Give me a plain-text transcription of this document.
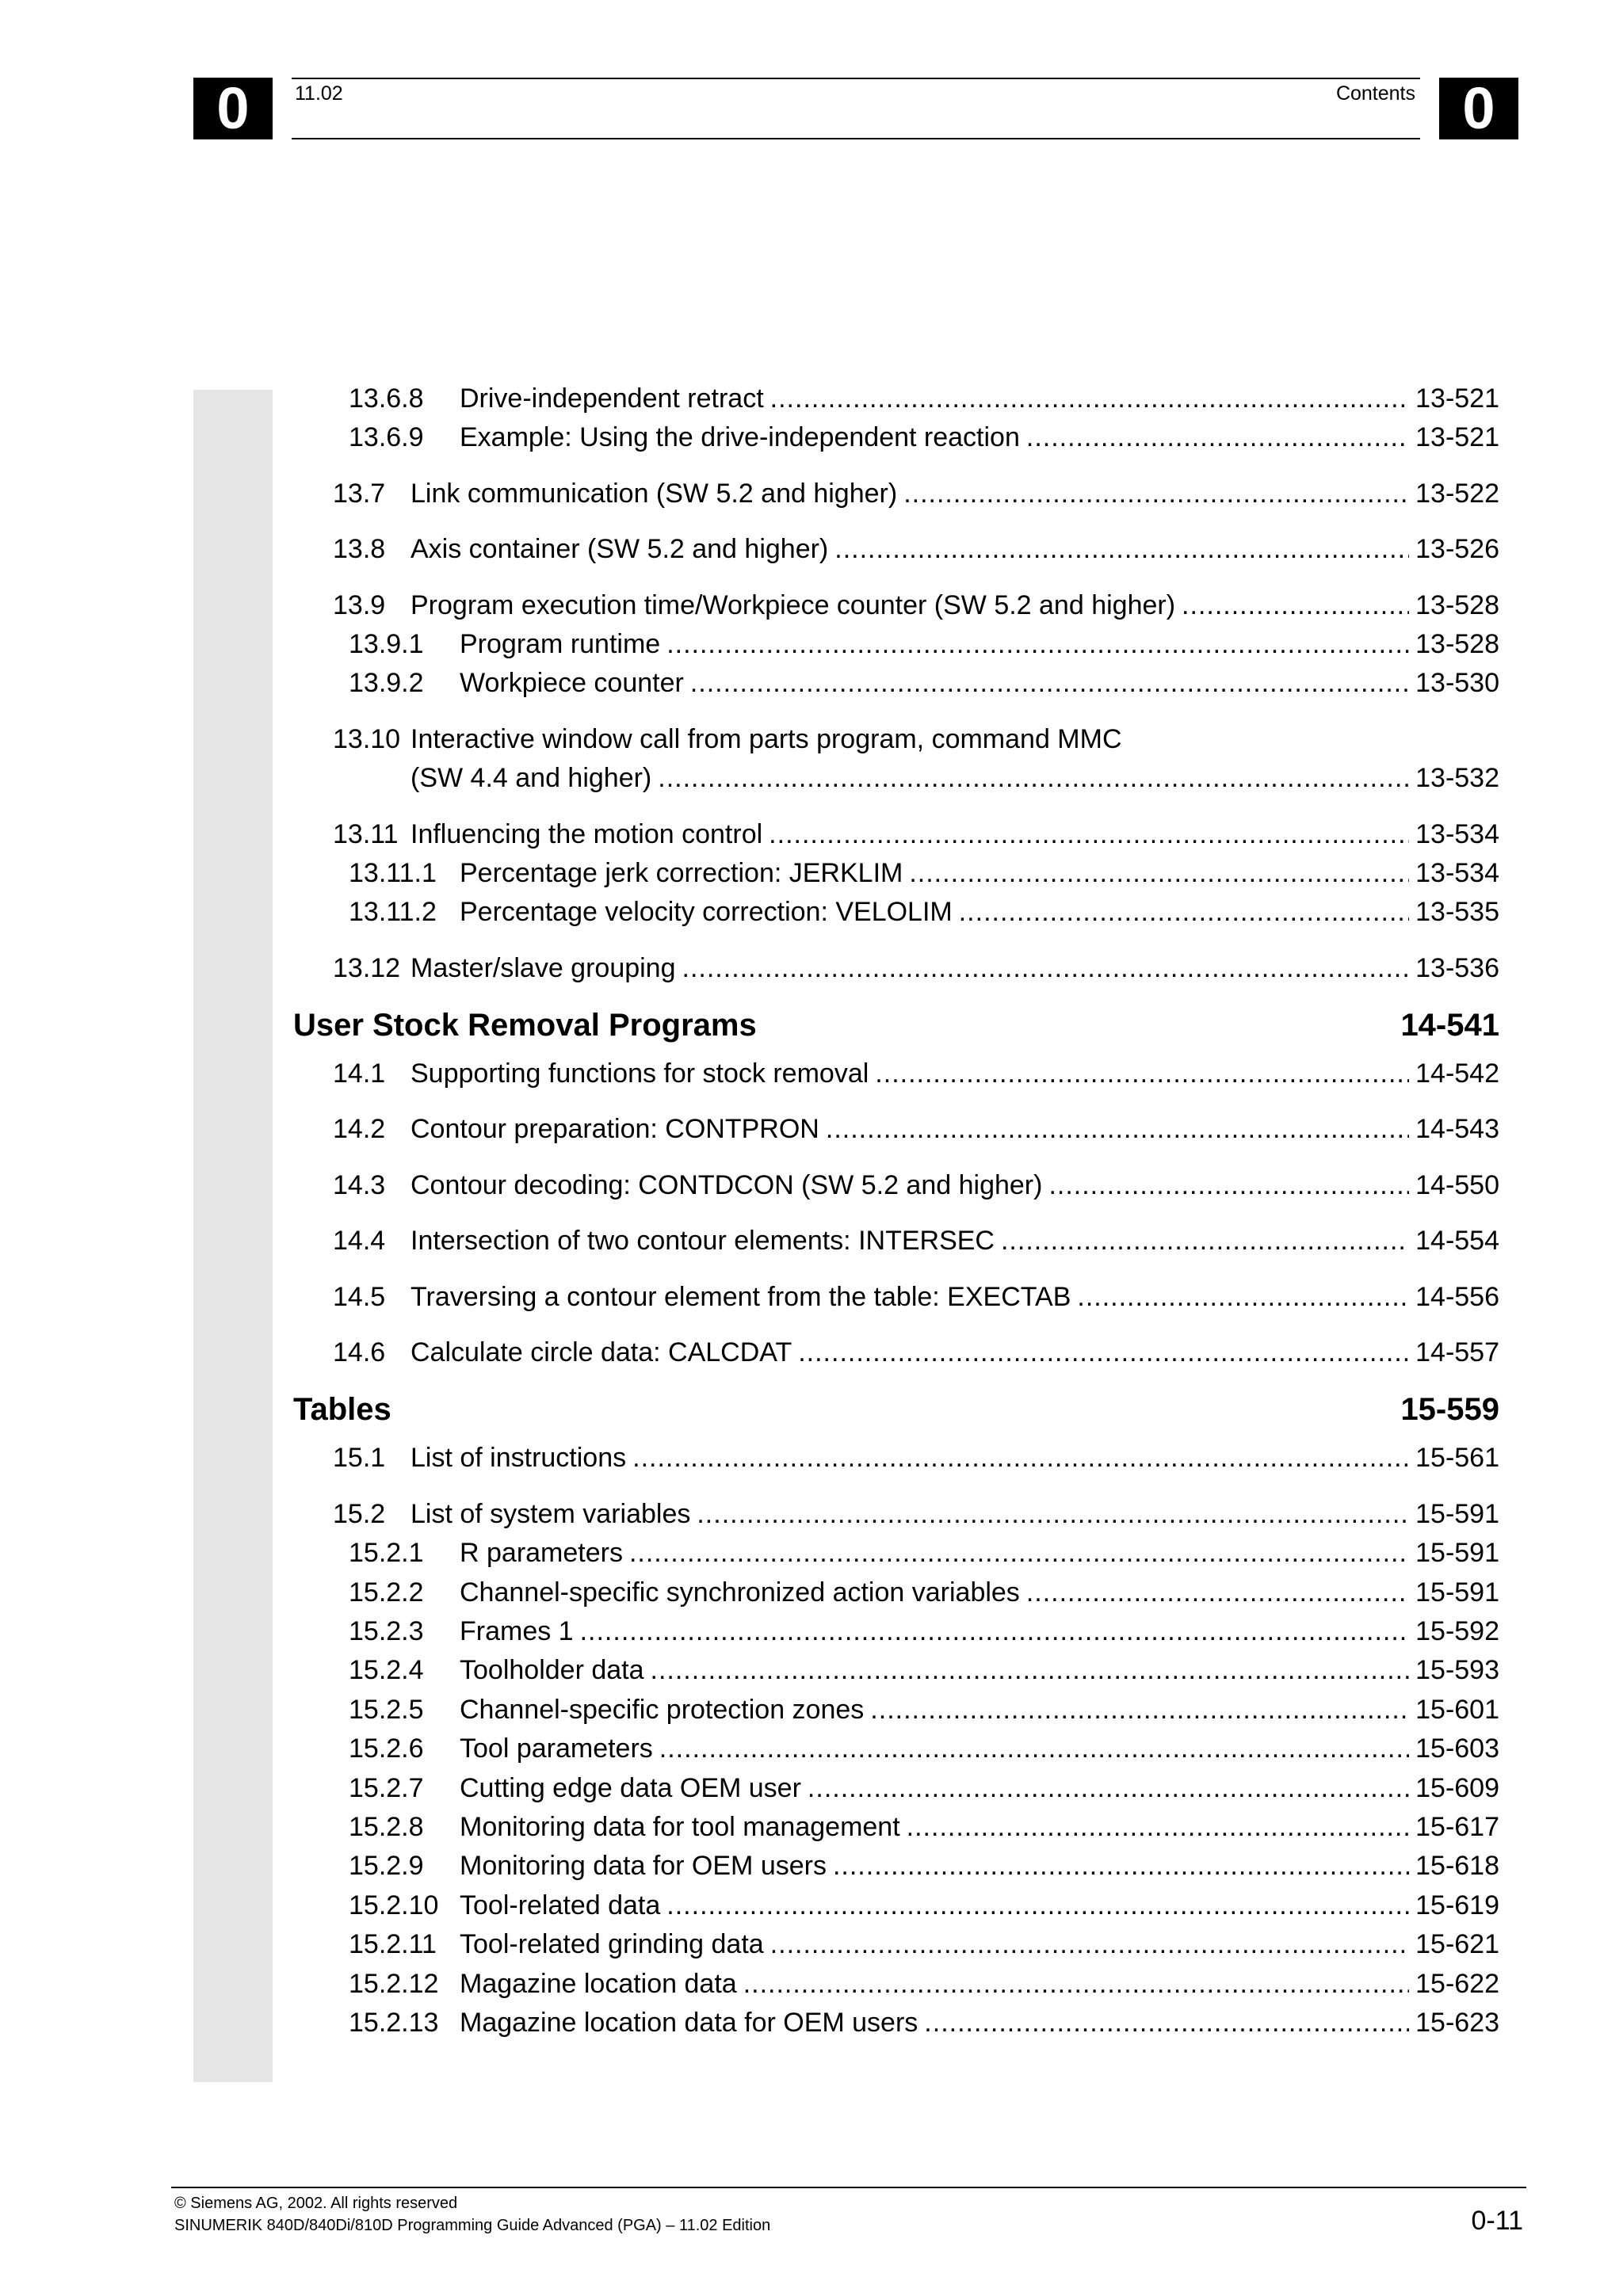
0	0
11.02	Contents
13.6.8 Drive-independent retract .....	13-521
13.6.9 Example: Using the drive-independent reaction .....	13-521
13.7 Link communication (SW 5.2 and higher) .....	13-522
13.8 Axis container (SW 5.2 and higher) .....	13-526
13.9 Program execution time/Workpiece counter (SW 5.2 and higher) .....	13-528
13.9.1 Program runtime .....	13-528
13.9.2 Workpiece counter .....	13-530
13.10 Interactive window call from parts program, command MMC
(SW 4.4 and higher) .....	13-532
13.11 Influencing the motion control .....	13-534
13.11.1 Percentage jerk correction: JERKLIM .....	13-534
13.11.2 Percentage velocity correction: VELOLIM .....	13-535
13.12 Master/slave grouping .....	13-536
User Stock Removal Programs	14-541
14.1 Supporting functions for stock removal .....	14-542
14.2 Contour preparation: CONTPRON .....	14-543
14.3 Contour decoding: CONTDCON (SW 5.2 and higher) .....	14-550
14.4 Intersection of two contour elements: INTERSEC .....	14-554
14.5 Traversing a contour element from the table: EXECTAB .....	14-556
14.6 Calculate circle data: CALCDAT .....	14-557
Tables	15-559
15.1 List of instructions .....	15-561
15.2 List of system variables .....	15-591
15.2.1 R parameters .....	15-591
15.2.2 Channel-specific synchronized action variables .....	15-591
15.2.3 Frames 1 .....	15-592
15.2.4 Toolholder data .....	15-593
15.2.5 Channel-specific protection zones .....	15-601
15.2.6 Tool parameters .....	15-603
15.2.7 Cutting edge data OEM user .....	15-609
15.2.8 Monitoring data for tool management .....	15-617
15.2.9 Monitoring data for OEM users .....	15-618
15.2.10 Tool-related data .....	15-619
15.2.11 Tool-related grinding data .....	15-621
15.2.12 Magazine location data .....	15-622
15.2.13 Magazine location data for OEM users .....	15-623
© Siemens AG, 2002. All rights reserved
SINUMERIK 840D/840Di/810D Programming Guide Advanced (PGA) – 11.02 Edition	0-11
